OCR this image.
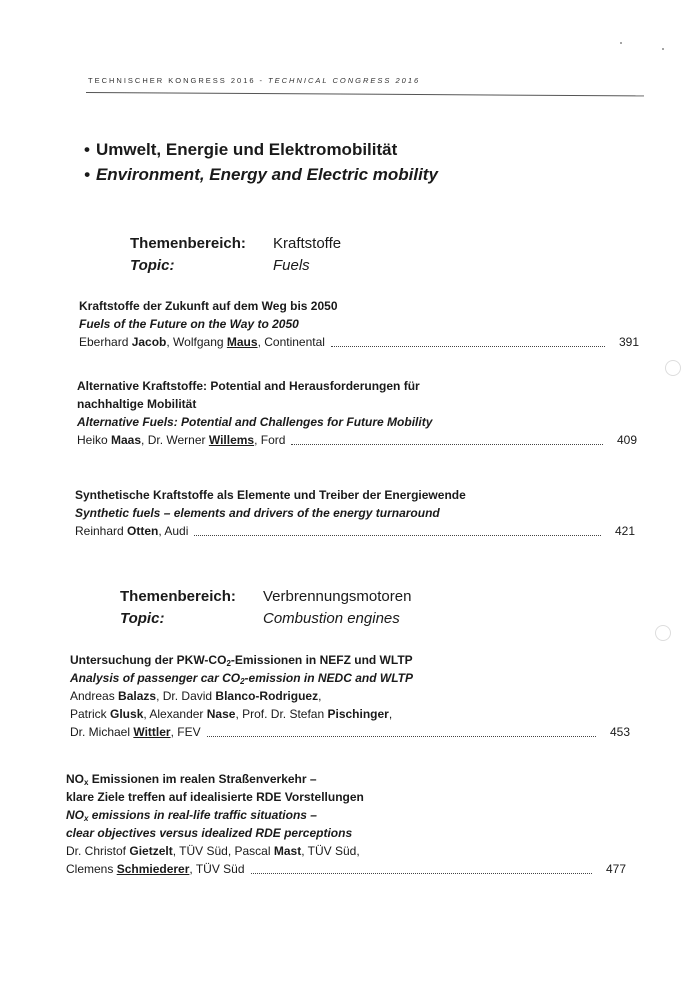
TECHNISCHER KONGRESS 2016 - TECHNICAL CONGRESS 2016
• Umwelt, Energie und Elektromobilität
• Environment, Energy and Electric mobility
Themenbereich:	Kraftstoffe
Topic:	Fuels
Kraftstoffe der Zukunft auf dem Weg bis 2050
Fuels of the Future on the Way to 2050
Eberhard Jacob, Wolfgang Maus, Continental	391
Alternative Kraftstoffe: Potential and Herausforderungen für
nachhaltige Mobilität
Alternative Fuels: Potential and Challenges for Future Mobility
Heiko Maas, Dr. Werner Willems, Ford	409
Synthetische Kraftstoffe als Elemente und Treiber der Energiewende
Synthetic fuels – elements and drivers of the energy turnaround
Reinhard Otten, Audi	421
Themenbereich:	Verbrennungsmotoren
Topic:	Combustion engines
Untersuchung der PKW-$CO_2$-Emissionen in NEFZ und WLTP
Analysis of passenger car $CO_2$-emission in NEDC and WLTP
Andreas Balazs, Dr. David Blanco-Rodriguez,
Patrick Glusk, Alexander Nase, Prof. Dr. Stefan Pischinger,
Dr. Michael Wittler, FEV	453
$NO_x$ Emissionen im realen Straßenverkehr –
klare Ziele treffen auf idealisierte RDE Vorstellungen
$NO_x$ emissions in real-life traffic situations –
clear objectives versus idealized RDE perceptions
Dr. Christof Gietzelt, TÜV Süd, Pascal Mast, TÜV Süd,
Clemens Schmiederer, TÜV Süd	477
